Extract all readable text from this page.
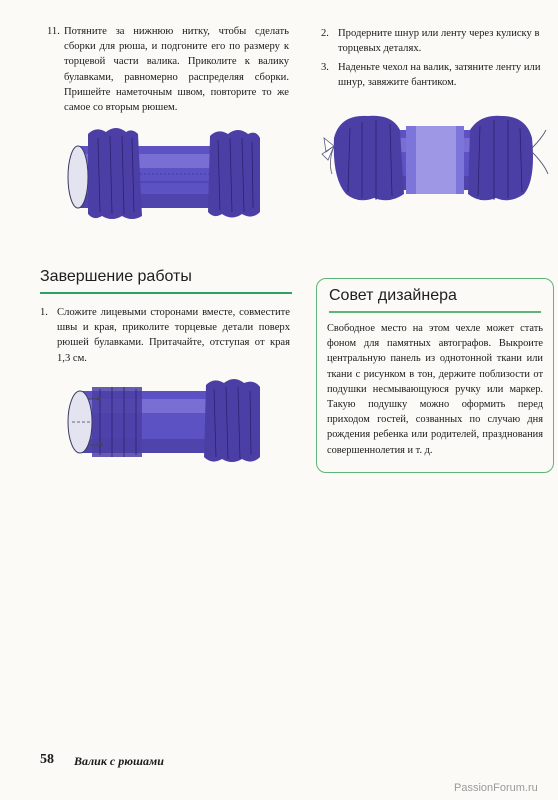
11. Потяните за нижнюю нитку, чтобы сделать сборки для рюша, и подгоните его по размеру к торцевой части валика. Приколите к валику булавками, равномерно распределяя сборки. Пришейте наметочным швом, повторите то же самое со вторым рюшем.
2. Продерните шнур или ленту через кулиску в торцевых деталях.
3. Наденьте чехол на валик, затяните ленту или шнур, завяжите бантиком.
Завершение работы
1. Сложите лицевыми сторонами вместе, совместите швы и края, приколите торцевые детали поверх рюшей булавками. Притачайте, отступая от края 1,3 см.
Совет дизайнера
Свободное место на этом чехле может стать фоном для памятных автографов. Выкроите центральную панель из однотонной ткани или ткани с рисунком в тон, держите поблизости от подушки несмывающуюся ручку или маркер. Такую подушку можно оформить перед приходом гостей, созванных по случаю дня рождения ребенка или родителей, празднования совершеннолетия и т. д.
58 Валик с рюшами
PassionForum.ru
